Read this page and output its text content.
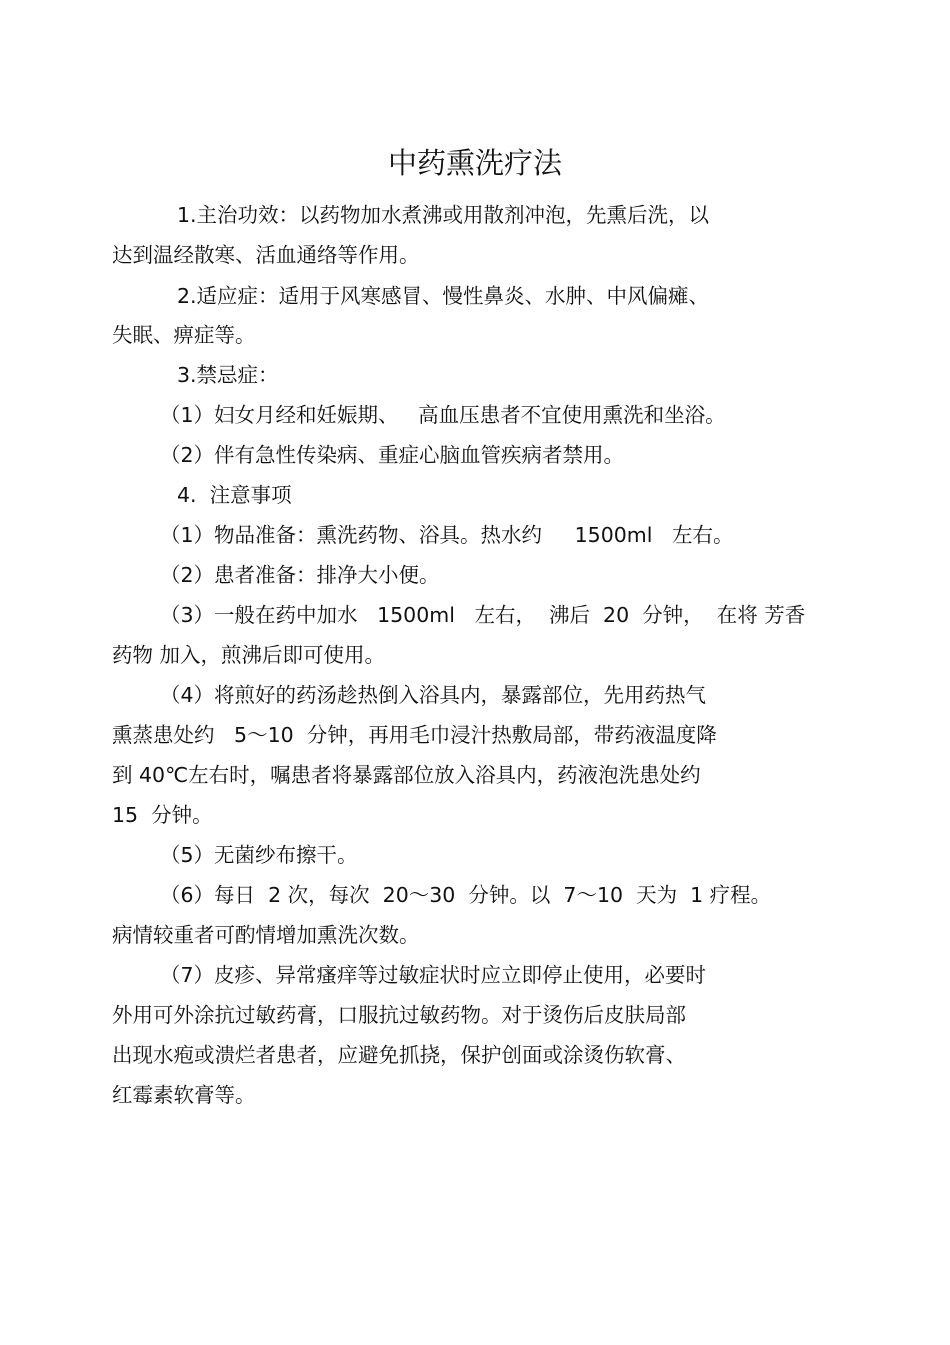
中药熏洗疗法
1.主治功效：以药物加水煮沸或用散剂冲泡，先熏后洗，以
达到温经散寒、活血通络等作用。
2.适应症：适用于风寒感冒、慢性鼻炎、水肿、中风偏瘫、
失眠、痹症等。
3.禁忌症：
（1）妇女月经和妊娠期、   高血压患者不宜使用熏洗和坐浴。
（2）伴有急性传染病、重症心脑血管疾病者禁用。
4.  注意事项
（1）物品准备：熏洗药物、浴具。热水约     1500ml   左右。
（2）患者准备：排净大小便。
（3）一般在药中加水   1500ml   左右，  沸后  20  分钟，  在将 芳香
药物 加入，煎沸后即可使用。
（4）将煎好的药汤趁热倒入浴具内，暴露部位，先用药热气
熏蒸患处约   5～10  分钟，再用毛巾浸汁热敷局部，带药液温度降
到 40℃左右时，嘱患者将暴露部位放入浴具内，药液泡洗患处约
15  分钟。
（5）无菌纱布擦干。
（6）每日  2 次，每次  20～30  分钟。以  7～10  天为  1 疗程。
病情较重者可酌情增加熏洗次数。
（7）皮疹、异常瘙痒等过敏症状时应立即停止使用，必要时
外用可外涂抗过敏药膏，口服抗过敏药物。对于烫伤后皮肤局部
出现水疱或溃烂者患者，应避免抓挠，保护创面或涂烫伤软膏、
红霉素软膏等。
